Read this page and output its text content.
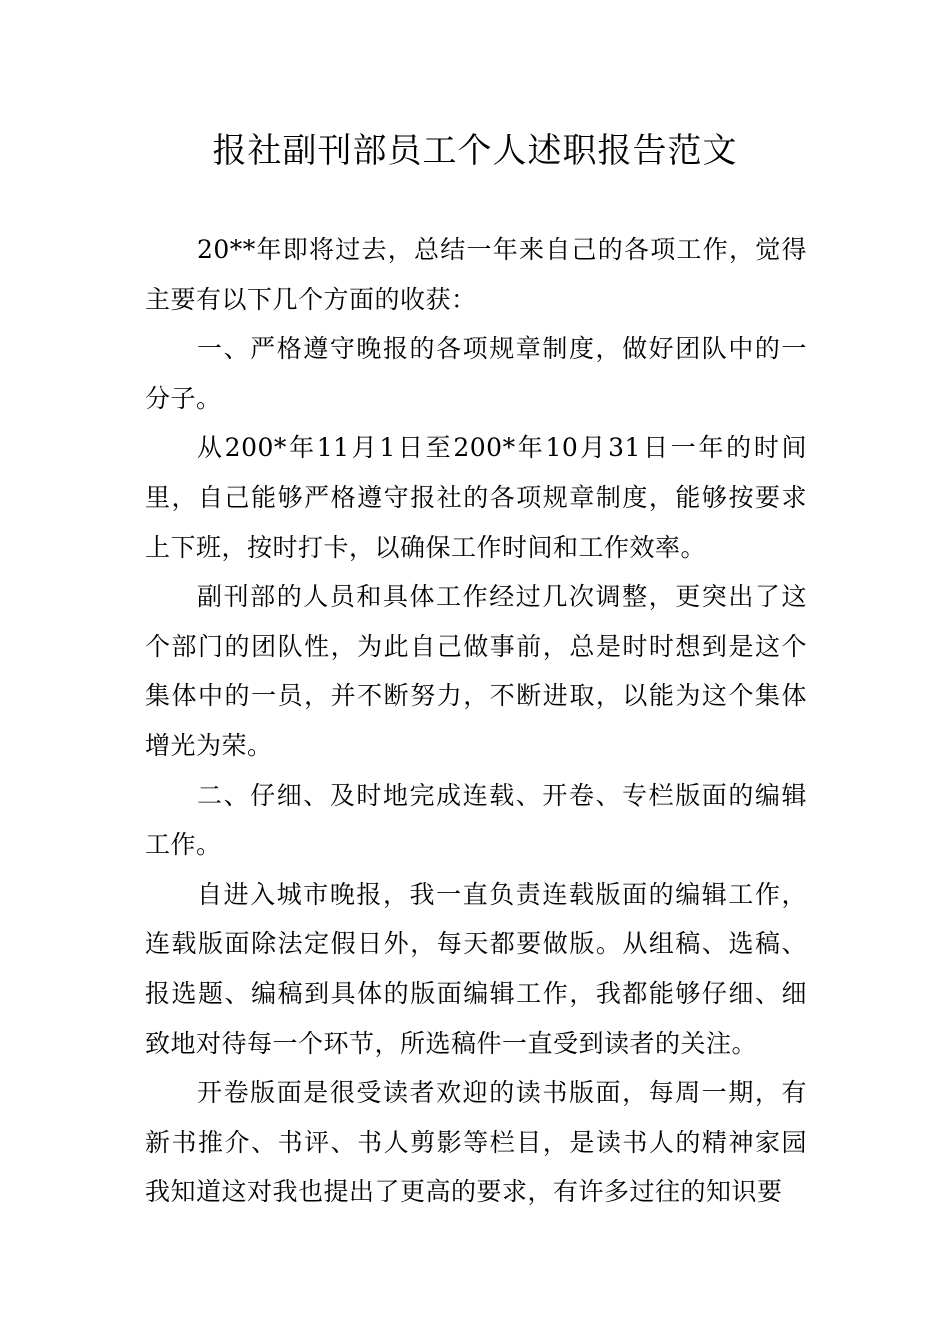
报社副刊部员工个人述职报告范文

20**年即将过去，总结一年来自己的各项工作，觉得主要有以下几个方面的收获：

一、严格遵守晚报的各项规章制度，做好团队中的一分子。

从200*年11月1日至200*年10月31日一年的时间里，自己能够严格遵守报社的各项规章制度，能够按要求上下班，按时打卡，以确保工作时间和工作效率。

副刊部的人员和具体工作经过几次调整，更突出了这个部门的团队性，为此自己做事前，总是时时想到是这个集体中的一员，并不断努力，不断进取，以能为这个集体增光为荣。

二、仔细、及时地完成连载、开卷、专栏版面的编辑工作。

自进入城市晚报，我一直负责连载版面的编辑工作，连载版面除法定假日外，每天都要做版。从组稿、选稿、报选题、编稿到具体的版面编辑工作，我都能够仔细、细致地对待每一个环节，所选稿件一直受到读者的关注。

开卷版面是很受读者欢迎的读书版面，每周一期，有新书推介、书评、书人剪影等栏目，是读书人的精神家园我知道这对我也提出了更高的要求，有许多过往的知识要
